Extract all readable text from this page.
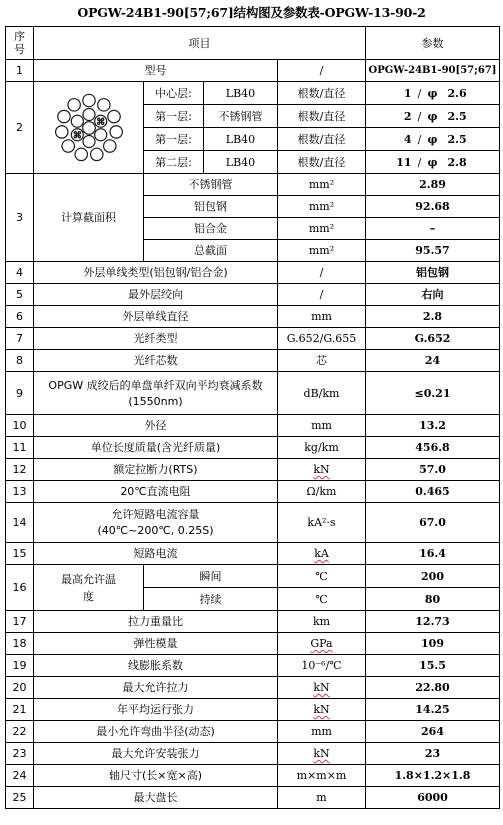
OPGW-24B1-90[57;67]结构图及参数表-OPGW-13-90-2
序号	项目				参数
1	型号			/	OPGW-24B1-90[57;67]
2		中心层:	LB40	根数/直径	1 / φ 2.6

		第一层:	不锈钢管	根数/直径	2 / φ 2.5

		第一层:	LB40	根数/直径	4 / φ 2.5

		第二层:	LB40	根数/直径	11 / φ 2.8

3	计算截面积	不锈钢管		mm²	2.89
		铝包钢		mm²	92.68
		铝合金		mm²	–
		总截面		mm²	95.57
4	外层单线类型(铝包钢/铝合金)			/	铝包钢
5	最外层绞向			/	右向
6	外层单线直径			mm	2.8
7	光纤类型			G.652/G.655	G.652
8	光纤芯数			芯	24
9	OPGW 成绞后的单盘单纤双向平均衰减系数
(1550nm)			dB/km	≤0.21
10	外径			mm	13.2
11	单位长度质量(含光纤质量)			kg/km	456.8
12	额定拉断力(RTS)			kN	57.0
13	20℃直流电阻			Ω/km	0.465
14	允许短路电流容量
(40℃~200℃, 0.25S)			kA²·s	67.0
15	短路电流			kA	16.4
16	最高允许温度	瞬间		℃	200
		持续		℃	80
17	拉力重量比			km	12.73
18	弹性模量			GPa	109
19	线膨胀系数			10⁻⁶/℃	15.5
20	最大允许拉力			kN	22.80
21	年平均运行张力			kN	14.25
22	最小允许弯曲半径(动态)			mm	264
23	最大允许安装张力			kN	23
24	轴尺寸(长×宽×高)			m×m×m	1.8×1.2×1.8
25	最大盘长			m	6000
